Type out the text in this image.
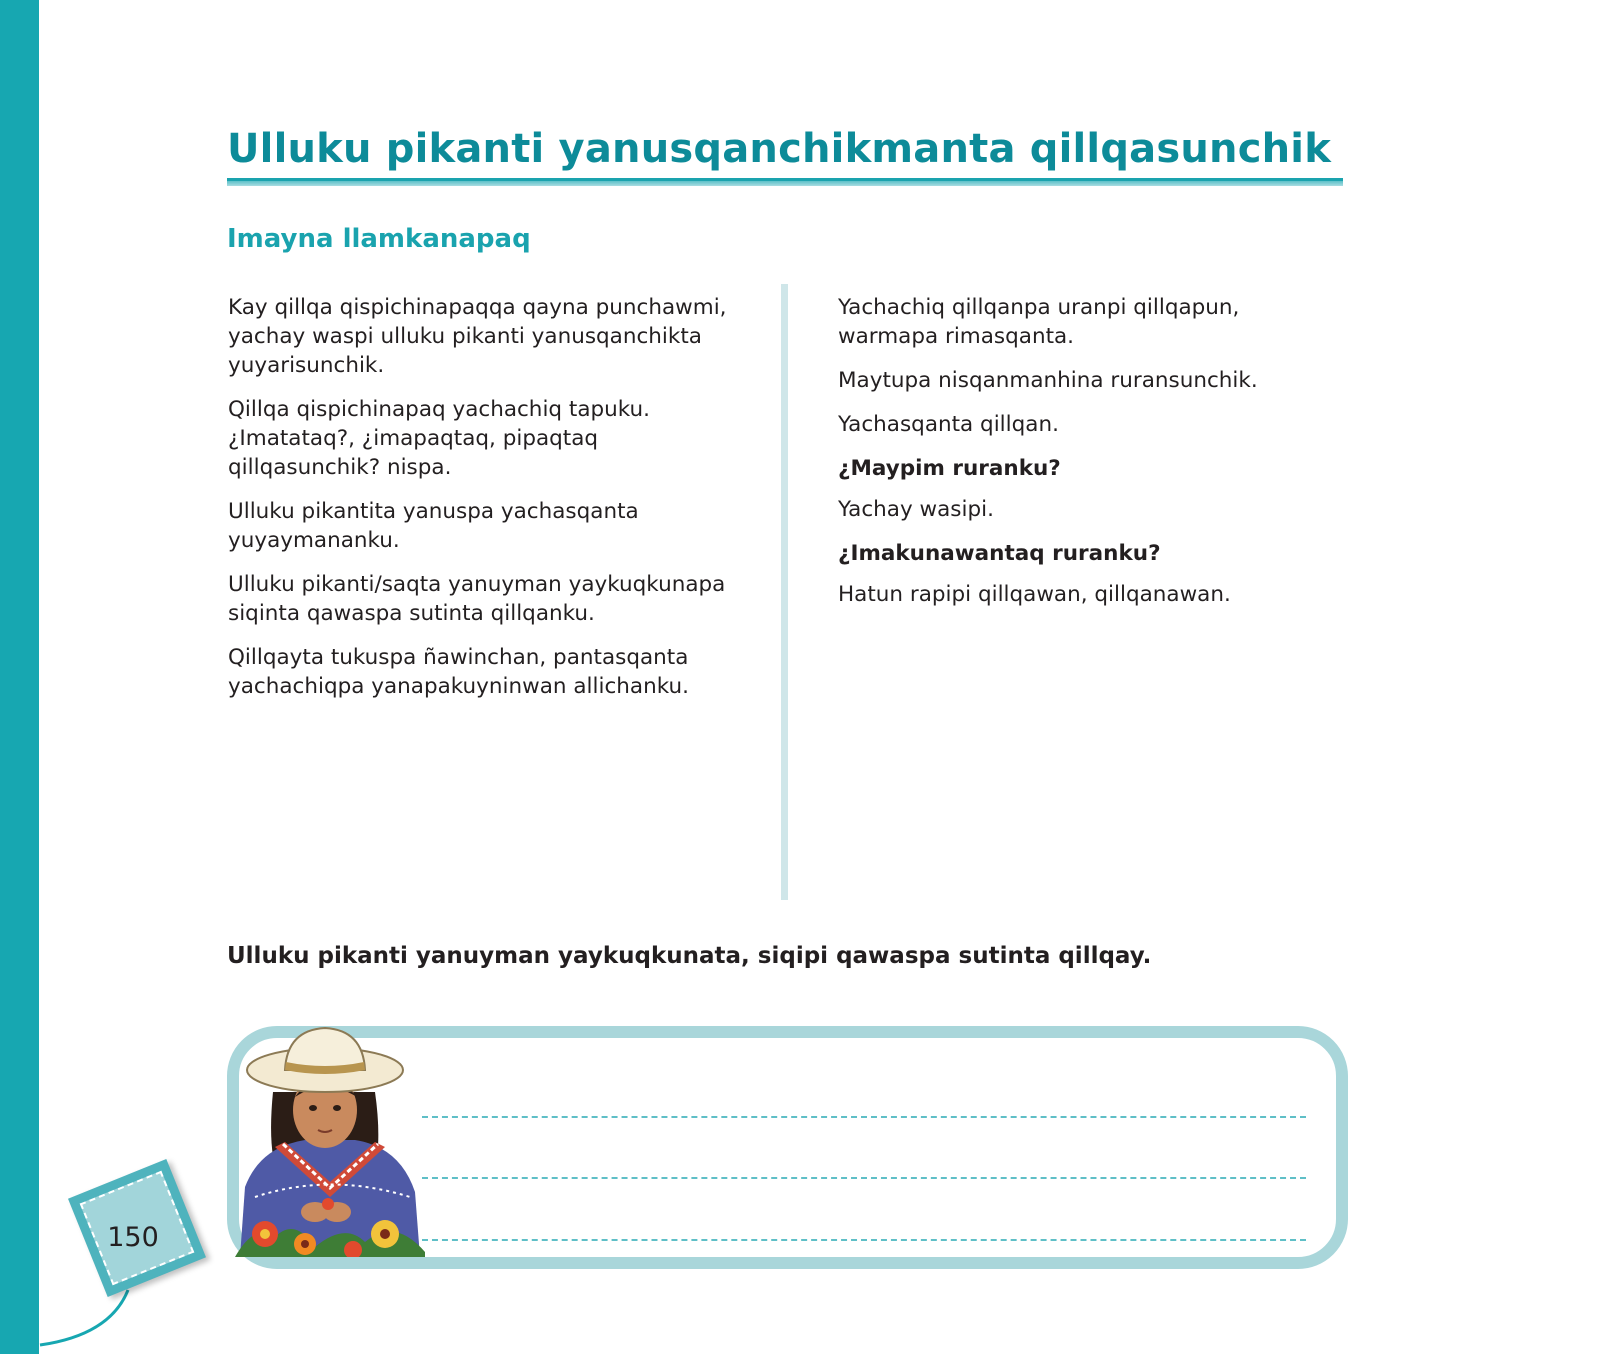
Ulluku pikanti yanusqanchikmanta qillqasunchik
Imayna llamkanapaq

Kay qillqa qispichinapaqqa qayna punchawmi, yachay waspi ulluku pikanti yanusqanchikta yuyarisunchik.

Qillqa qispichinapaq yachachiq tapuku. ¿Imatataq?, ¿imapaqtaq, pipaqtaq qillqasunchik? nispa.

Ulluku pikantita yanuspa yachasqanta yuyaymananku.

Ulluku pikanti/saqta yanuyman yaykuqkunapa siqinta qawaspa sutinta qillqanku.

Qillqayta tukuspa ñawinchan, pantasqanta yachachiqpa yanapakuyninwan allichanku.

Yachachiq qillqanpa uranpi qillqapun, warmapa rimasqanta.

Maytupa nisqanmanhina ruransunchik.

Yachasqanta qillqan.

¿Maypim ruranku?

Yachay wasipi.

¿Imakunawantaq ruranku?

Hatun rapipi qillqawan, qillqanawan.

Ulluku pikanti yanuyman yaykuqkunata, siqipi qawaspa sutinta qillqay.

150
